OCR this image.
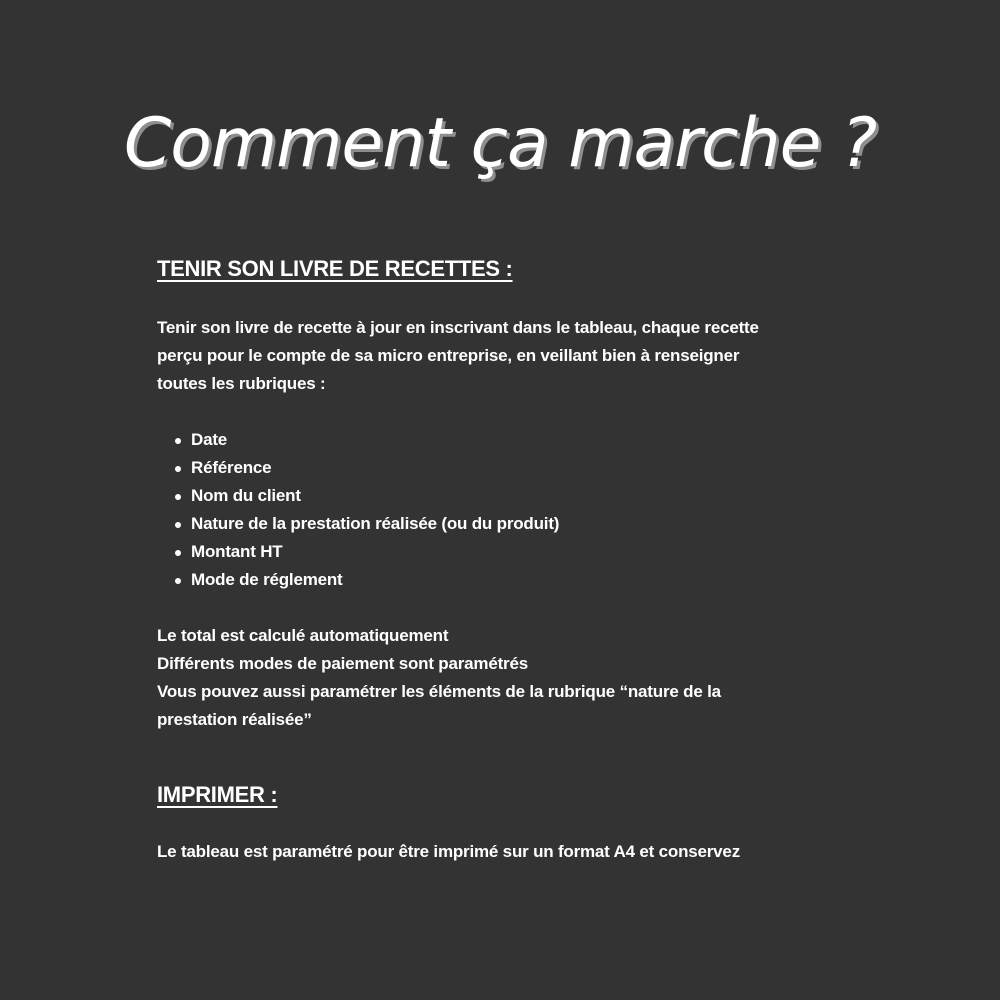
Comment ça marche ?
TENIR SON LIVRE DE RECETTES :

Tenir son livre de recette à jour en inscrivant dans le tableau, chaque recette

perçu pour le compte de sa micro entreprise, en veillant bien à renseigner

toutes les rubriques :

Date
Référence
Nom du client
Nature de la prestation réalisée (ou du produit)
Montant HT
Mode de réglement

Le total est calculé automatiquement

Différents modes de paiement sont paramétrés

Vous pouvez aussi paramétrer les éléments de la rubrique “nature de la

prestation réalisée”

IMPRIMER :

Le tableau est paramétré pour être imprimé sur un format A4 et conservez
